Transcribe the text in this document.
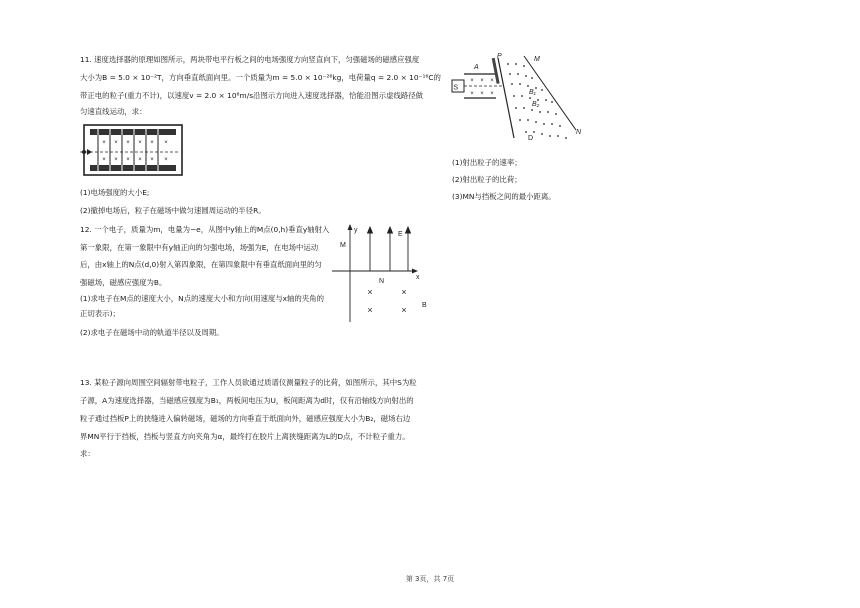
11. 速度选择器的原理如图所示，两块带电平行板之间的电场强度方向竖直向下，匀强磁场的磁感应强度
大小为B = 5.0 × 10⁻²T，方向垂直纸面向里。一个质量为m = 5.0 × 10⁻²⁶kg，电荷量q = 2.0 × 10⁻¹⁶C的
带正电的粒子(重力不计)，以速度v = 2.0 × 10⁶m/s沿图示方向进入速度选择器，恰能沿图示虚线路径做
匀速直线运动，求：
(1)电场强度的大小E;
(2)撤掉电场后，粒子在磁场中做匀速圆周运动的半径R。
× × × × × ×
× × × × × ×
12. 一个电子，质量为m，电量为−e，从图中y轴上的M点(0,h)垂直y轴射入
第一象限，在第一象限中有y轴正向的匀强电场，场强为E，在电场中运动
后，由x轴上的N点(d,0)射入第四象限，在第四象限中有垂直纸面向里的匀
强磁场，磁感应强度为B。
(1)求电子在M点的速度大小，N点的速度大小和方向(用速度与x轴的夹角的
正切表示)；
(2)求电子在磁场中动的轨道半径以及周期。
y
x
M
E
N
×	×
×	× B
13. 某粒子源向周围空间辐射带电粒子，工作人员欲通过质谱仪测量粒子的比荷，如图所示，其中S为粒
子源，A为速度选择器，当磁感应强度为B₁，两板间电压为U，板间距离为d时，仅有沿轴线方向射出的
粒子通过挡板P上的狭缝进入偏转磁场，磁场的方向垂直于纸面向外，磁感应强度大小为B₂，磁场右边
界MN平行于挡板，挡板与竖直方向夹角为α，最终打在胶片上离狭缝距离为L的D点，不计粒子重力。
求：
S
A
× × ×
× × ×
P	M
N
B₁
B₂
D
(1)射出粒子的速率；
(2)射出粒子的比荷；
(3)MN与挡板之间的最小距离。
第 3页，共 7页
